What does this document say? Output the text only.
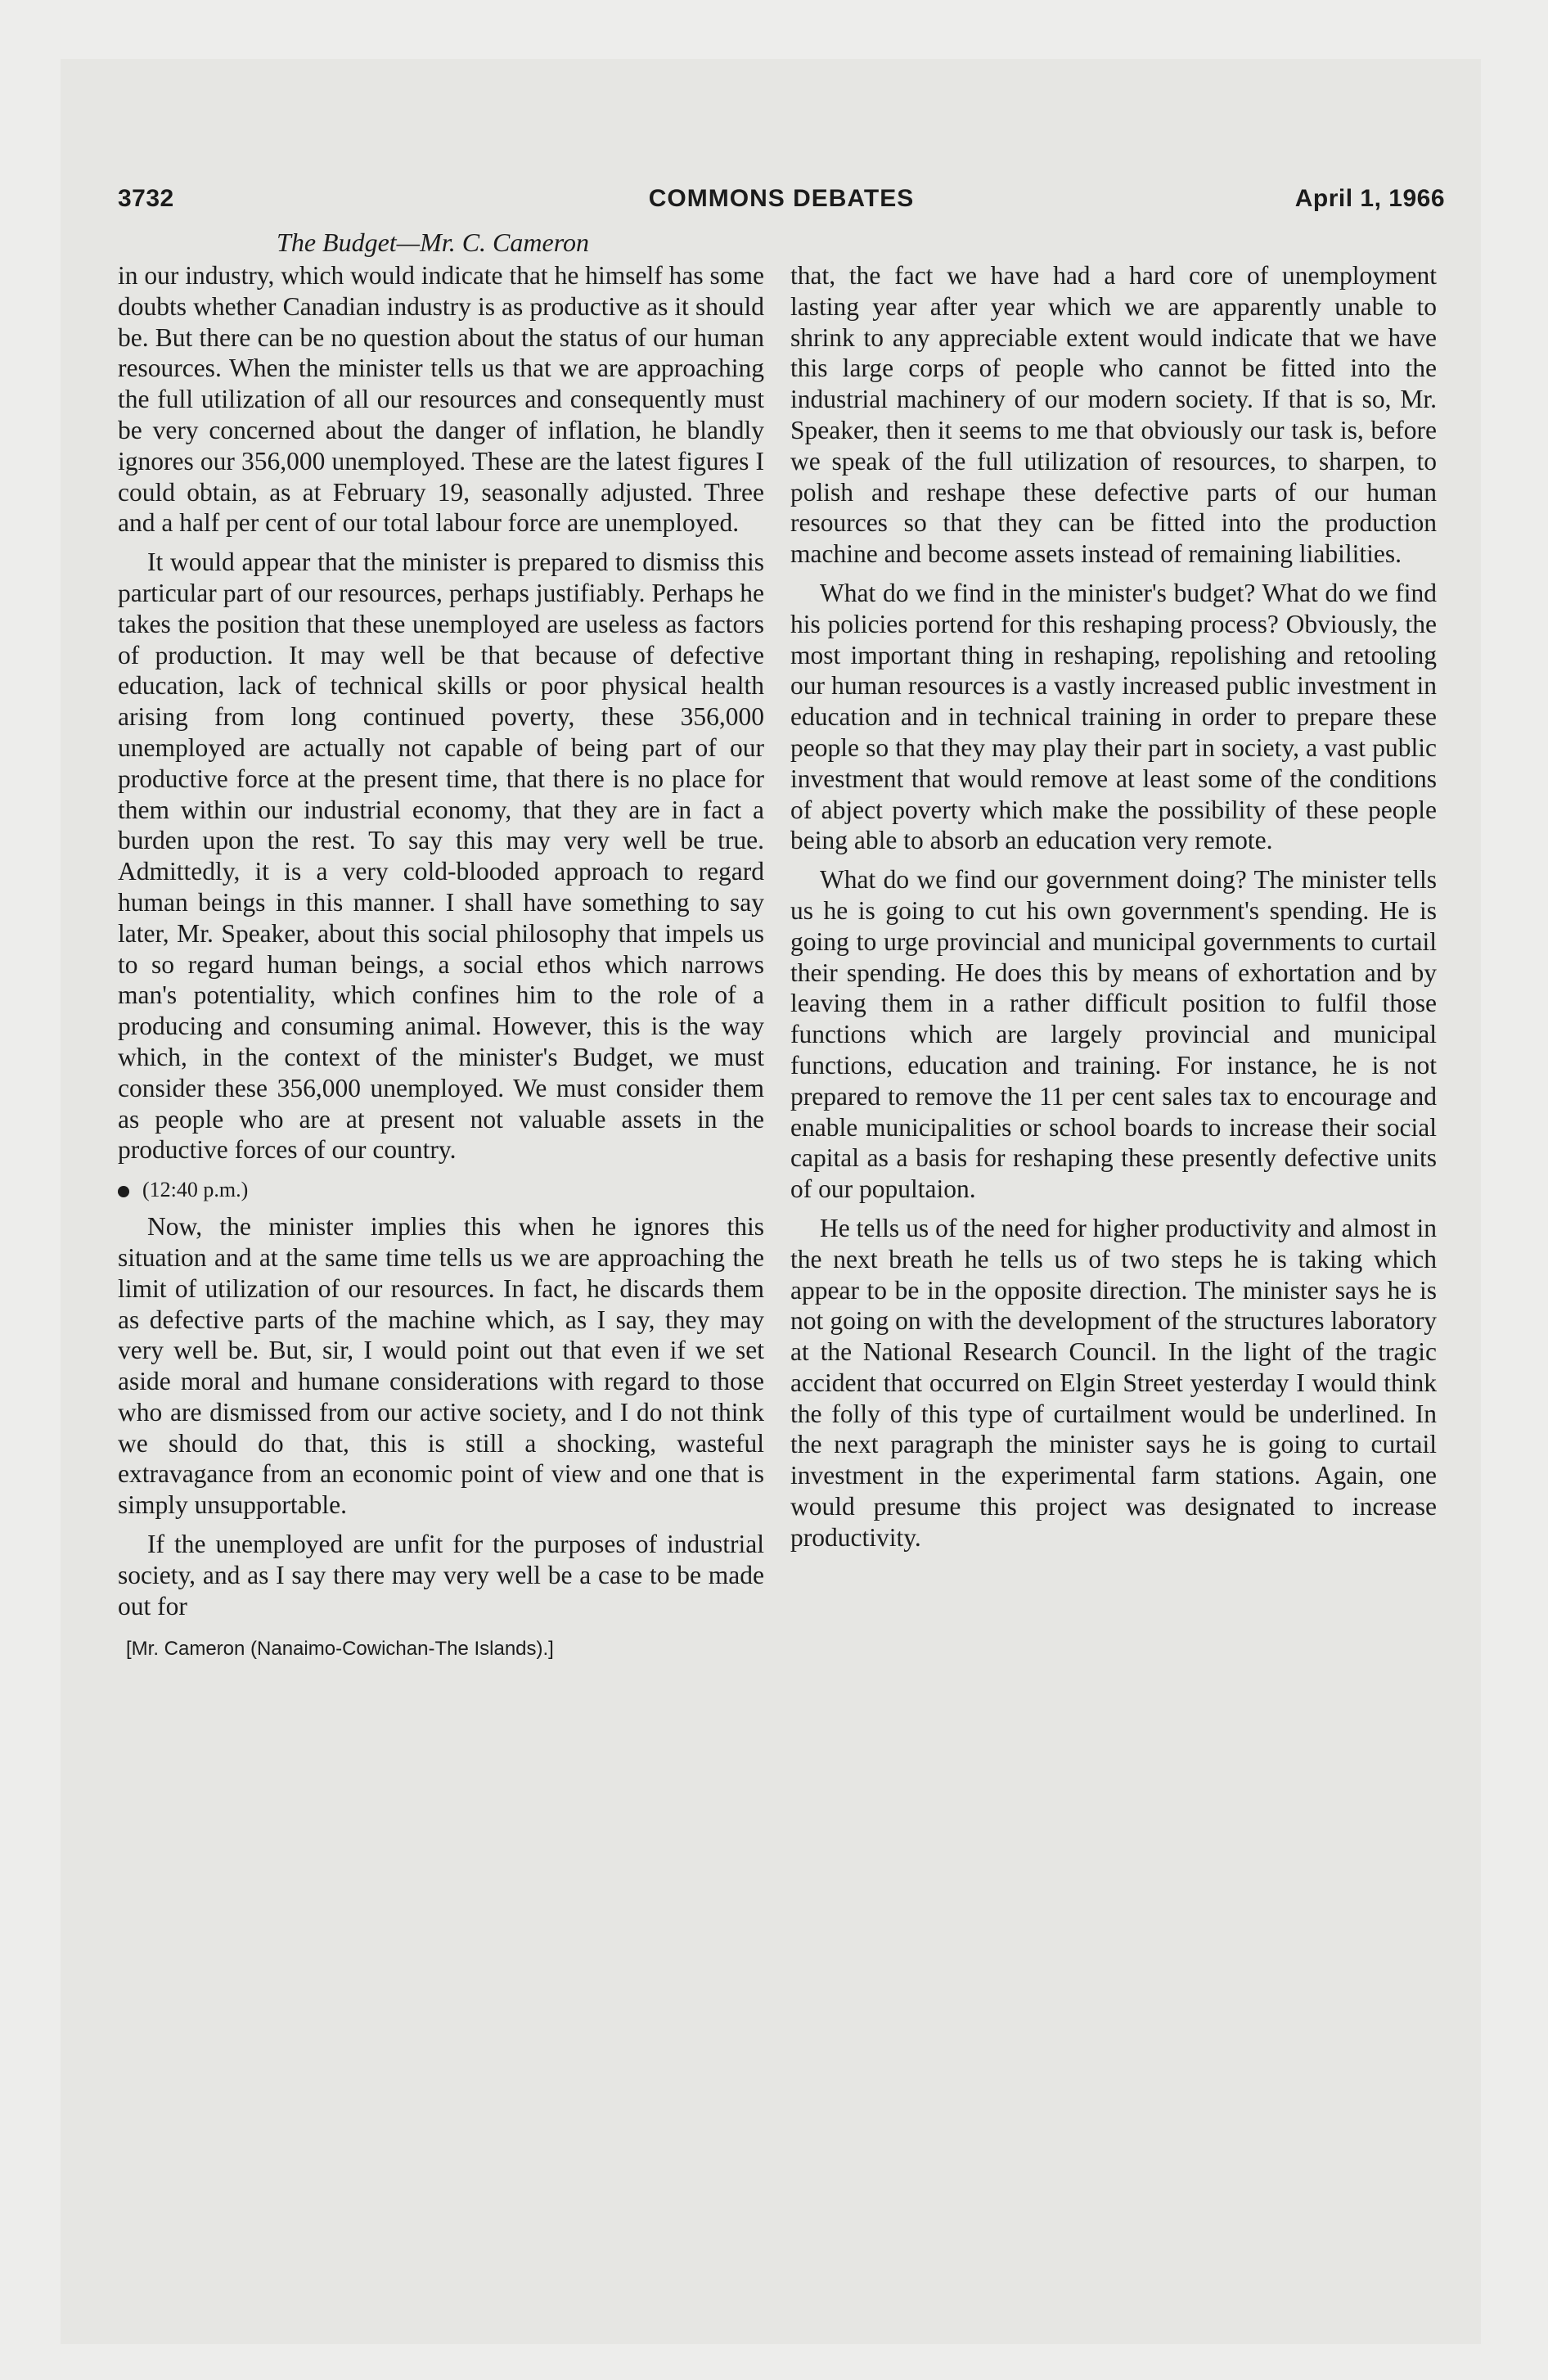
3732	COMMONS DEBATES	April 1, 1966
The Budget—Mr. C. Cameron

in our industry, which would indicate that he himself has some doubts whether Canadian industry is as productive as it should be. But there can be no question about the status of our human resources. When the minister tells us that we are approaching the full utilization of all our resources and consequently must be very concerned about the danger of inflation, he blandly ignores our 356,000 unemployed. These are the latest figures I could obtain, as at February 19, seasonally adjusted. Three and a half per cent of our total labour force are unemployed.

It would appear that the minister is prepared to dismiss this particular part of our resources, perhaps justifiably. Perhaps he takes the position that these unemployed are useless as factors of production. It may well be that because of defective education, lack of technical skills or poor physical health arising from long continued poverty, these 356,000 unemployed are actually not capable of being part of our productive force at the present time, that there is no place for them within our industrial economy, that they are in fact a burden upon the rest. To say this may very well be true. Admittedly, it is a very cold-blooded approach to regard human beings in this manner. I shall have something to say later, Mr. Speaker, about this social philosophy that impels us to so regard human beings, a social ethos which narrows man's potentiality, which confines him to the role of a producing and consuming animal. However, this is the way which, in the context of the minister's Budget, we must consider these 356,000 unemployed. We must consider them as people who are at present not valuable assets in the productive forces of our country.

(12:40 p.m.)

Now, the minister implies this when he ignores this situation and at the same time tells us we are approaching the limit of utilization of our resources. In fact, he discards them as defective parts of the machine which, as I say, they may very well be. But, sir, I would point out that even if we set aside moral and humane considerations with regard to those who are dismissed from our active society, and I do not think we should do that, this is still a shocking, wasteful extravagance from an economic point of view and one that is simply unsupportable.

If the unemployed are unfit for the purposes of industrial society, and as I say there may very well be a case to be made out for

[Mr. Cameron (Nanaimo-Cowichan-The Islands).]

that, the fact we have had a hard core of unemployment lasting year after year which we are apparently unable to shrink to any appreciable extent would indicate that we have this large corps of people who cannot be fitted into the industrial machinery of our modern society. If that is so, Mr. Speaker, then it seems to me that obviously our task is, before we speak of the full utilization of resources, to sharpen, to polish and reshape these defective parts of our human resources so that they can be fitted into the production machine and become assets instead of remaining liabilities.

What do we find in the minister's budget? What do we find his policies portend for this reshaping process? Obviously, the most important thing in reshaping, repolishing and retooling our human resources is a vastly increased public investment in education and in technical training in order to prepare these people so that they may play their part in society, a vast public investment that would remove at least some of the conditions of abject poverty which make the possibility of these people being able to absorb an education very remote.

What do we find our government doing? The minister tells us he is going to cut his own government's spending. He is going to urge provincial and municipal governments to curtail their spending. He does this by means of exhortation and by leaving them in a rather difficult position to fulfil those functions which are largely provincial and municipal functions, education and training. For instance, he is not prepared to remove the 11 per cent sales tax to encourage and enable municipalities or school boards to increase their social capital as a basis for reshaping these presently defective units of our popultaion.

He tells us of the need for higher productivity and almost in the next breath he tells us of two steps he is taking which appear to be in the opposite direction. The minister says he is not going on with the development of the structures laboratory at the National Research Council. In the light of the tragic accident that occurred on Elgin Street yesterday I would think the folly of this type of curtailment would be underlined. In the next paragraph the minister says he is going to curtail investment in the experimental farm stations. Again, one would presume this project was designated to increase productivity.
